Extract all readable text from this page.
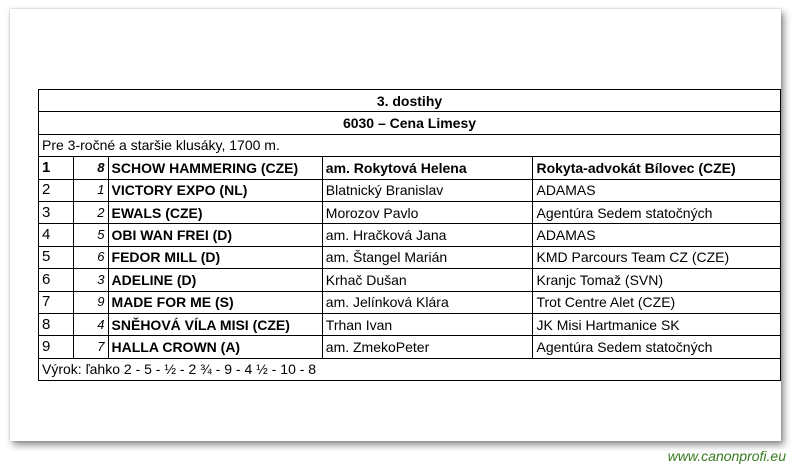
3. dostihy				
6030 – Cena Limesy				
Pre 3-ročné a staršie klusáky, 1700 m.				
1	8	SCHOW HAMMERING (CZE)	am. Rokytová Helena	Rokyta-advokát Bílovec (CZE)
2	1	VICTORY EXPO (NL)	Blatnický Branislav	ADAMAS
3	2	EWALS (CZE)	Morozov Pavlo	Agentúra Sedem statočných
4	5	OBI WAN FREI (D)	am. Hračková Jana	ADAMAS
5	6	FEDOR MILL (D)	am. Štangel Marián	KMD Parcours Team CZ (CZE)
6	3	ADELINE (D)	Krhač Dušan	Kranjc Tomaž (SVN)
7	9	MADE FOR ME (S)	am. Jelínková Klára	Trot Centre Alet (CZE)
8	4	SNĚHOVÁ VÍLA MISI (CZE)	Trhan Ivan	JK Misi Hartmanice SK
9	7	HALLA CROWN (A)	am. ZmekoPeter	Agentúra Sedem statočných
Výrok: ľahko 2 - 5 - ½ - 2 ¾ - 9 - 4 ½ - 10 - 8				
www.canonprofi.eu
